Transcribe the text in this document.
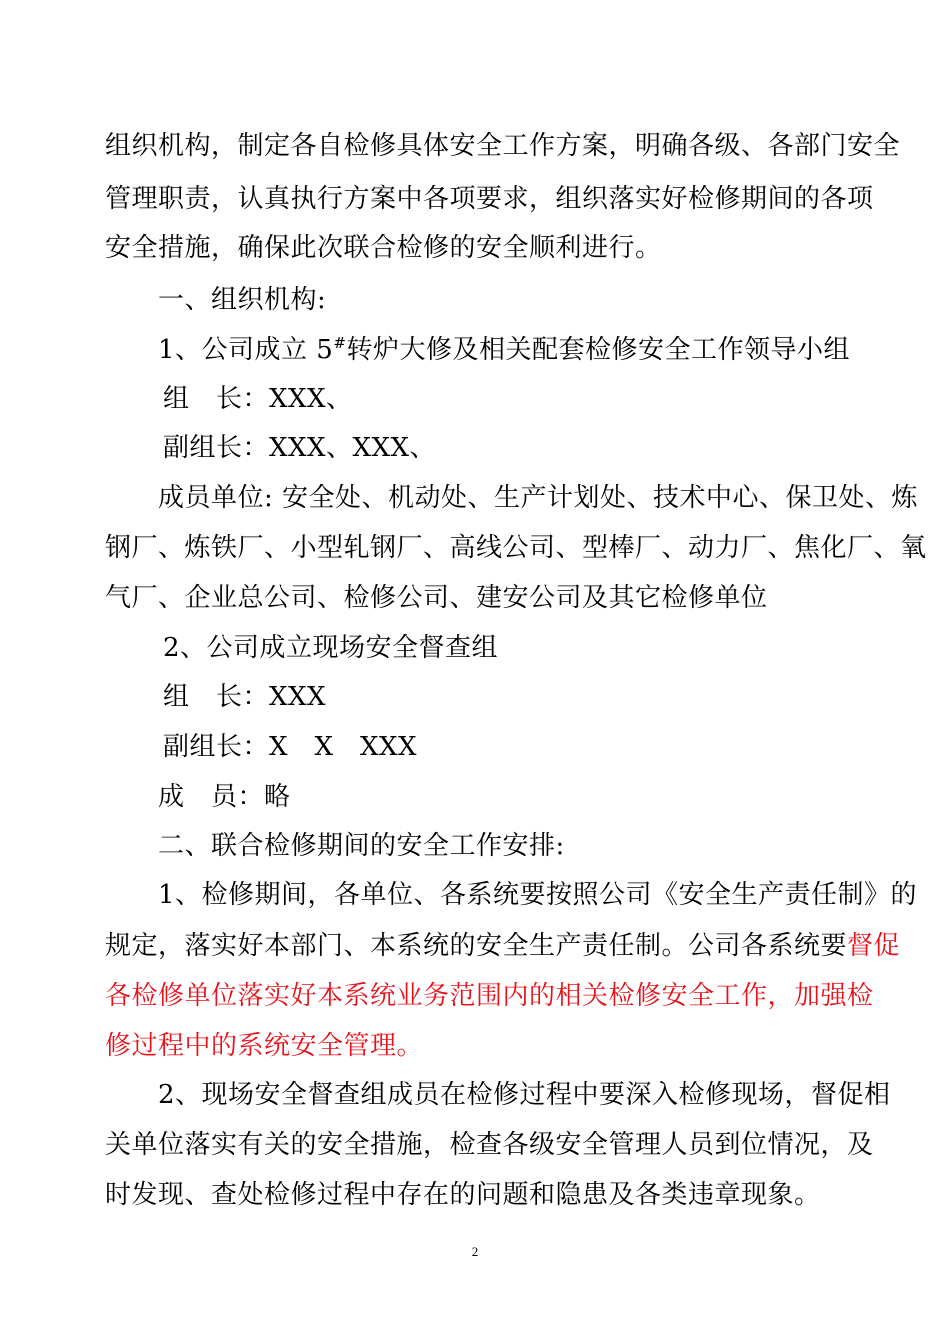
组织机构，制定各自检修具体安全工作方案，明确各级、各部门安全
管理职责，认真执行方案中各项要求，组织落实好检修期间的各项
安全措施，确保此次联合检修的安全顺利进行。
一、组织机构:
1、公司成立 5#转炉大修及相关配套检修安全工作领导小组
组　长：XXX、
副组长：XXX、XXX、
成员单位: 安全处、机动处、生产计划处、技术中心、保卫处、炼
钢厂、炼铁厂、小型轧钢厂、高线公司、型棒厂、动力厂、焦化厂、氧
气厂、企业总公司、检修公司、建安公司及其它检修单位
2、公司成立现场安全督查组
组　长：XXX
副组长：X　X　XXX
成　员：略
二、联合检修期间的安全工作安排:
1、检修期间，各单位、各系统要按照公司《安全生产责任制》的
规定，落实好本部门、本系统的安全生产责任制。公司各系统要督促
各检修单位落实好本系统业务范围内的相关检修安全工作，加强检
修过程中的系统安全管理。
2、现场安全督查组成员在检修过程中要深入检修现场，督促相
关单位落实有关的安全措施，检查各级安全管理人员到位情况，及
时发现、查处检修过程中存在的问题和隐患及各类违章现象。
2
